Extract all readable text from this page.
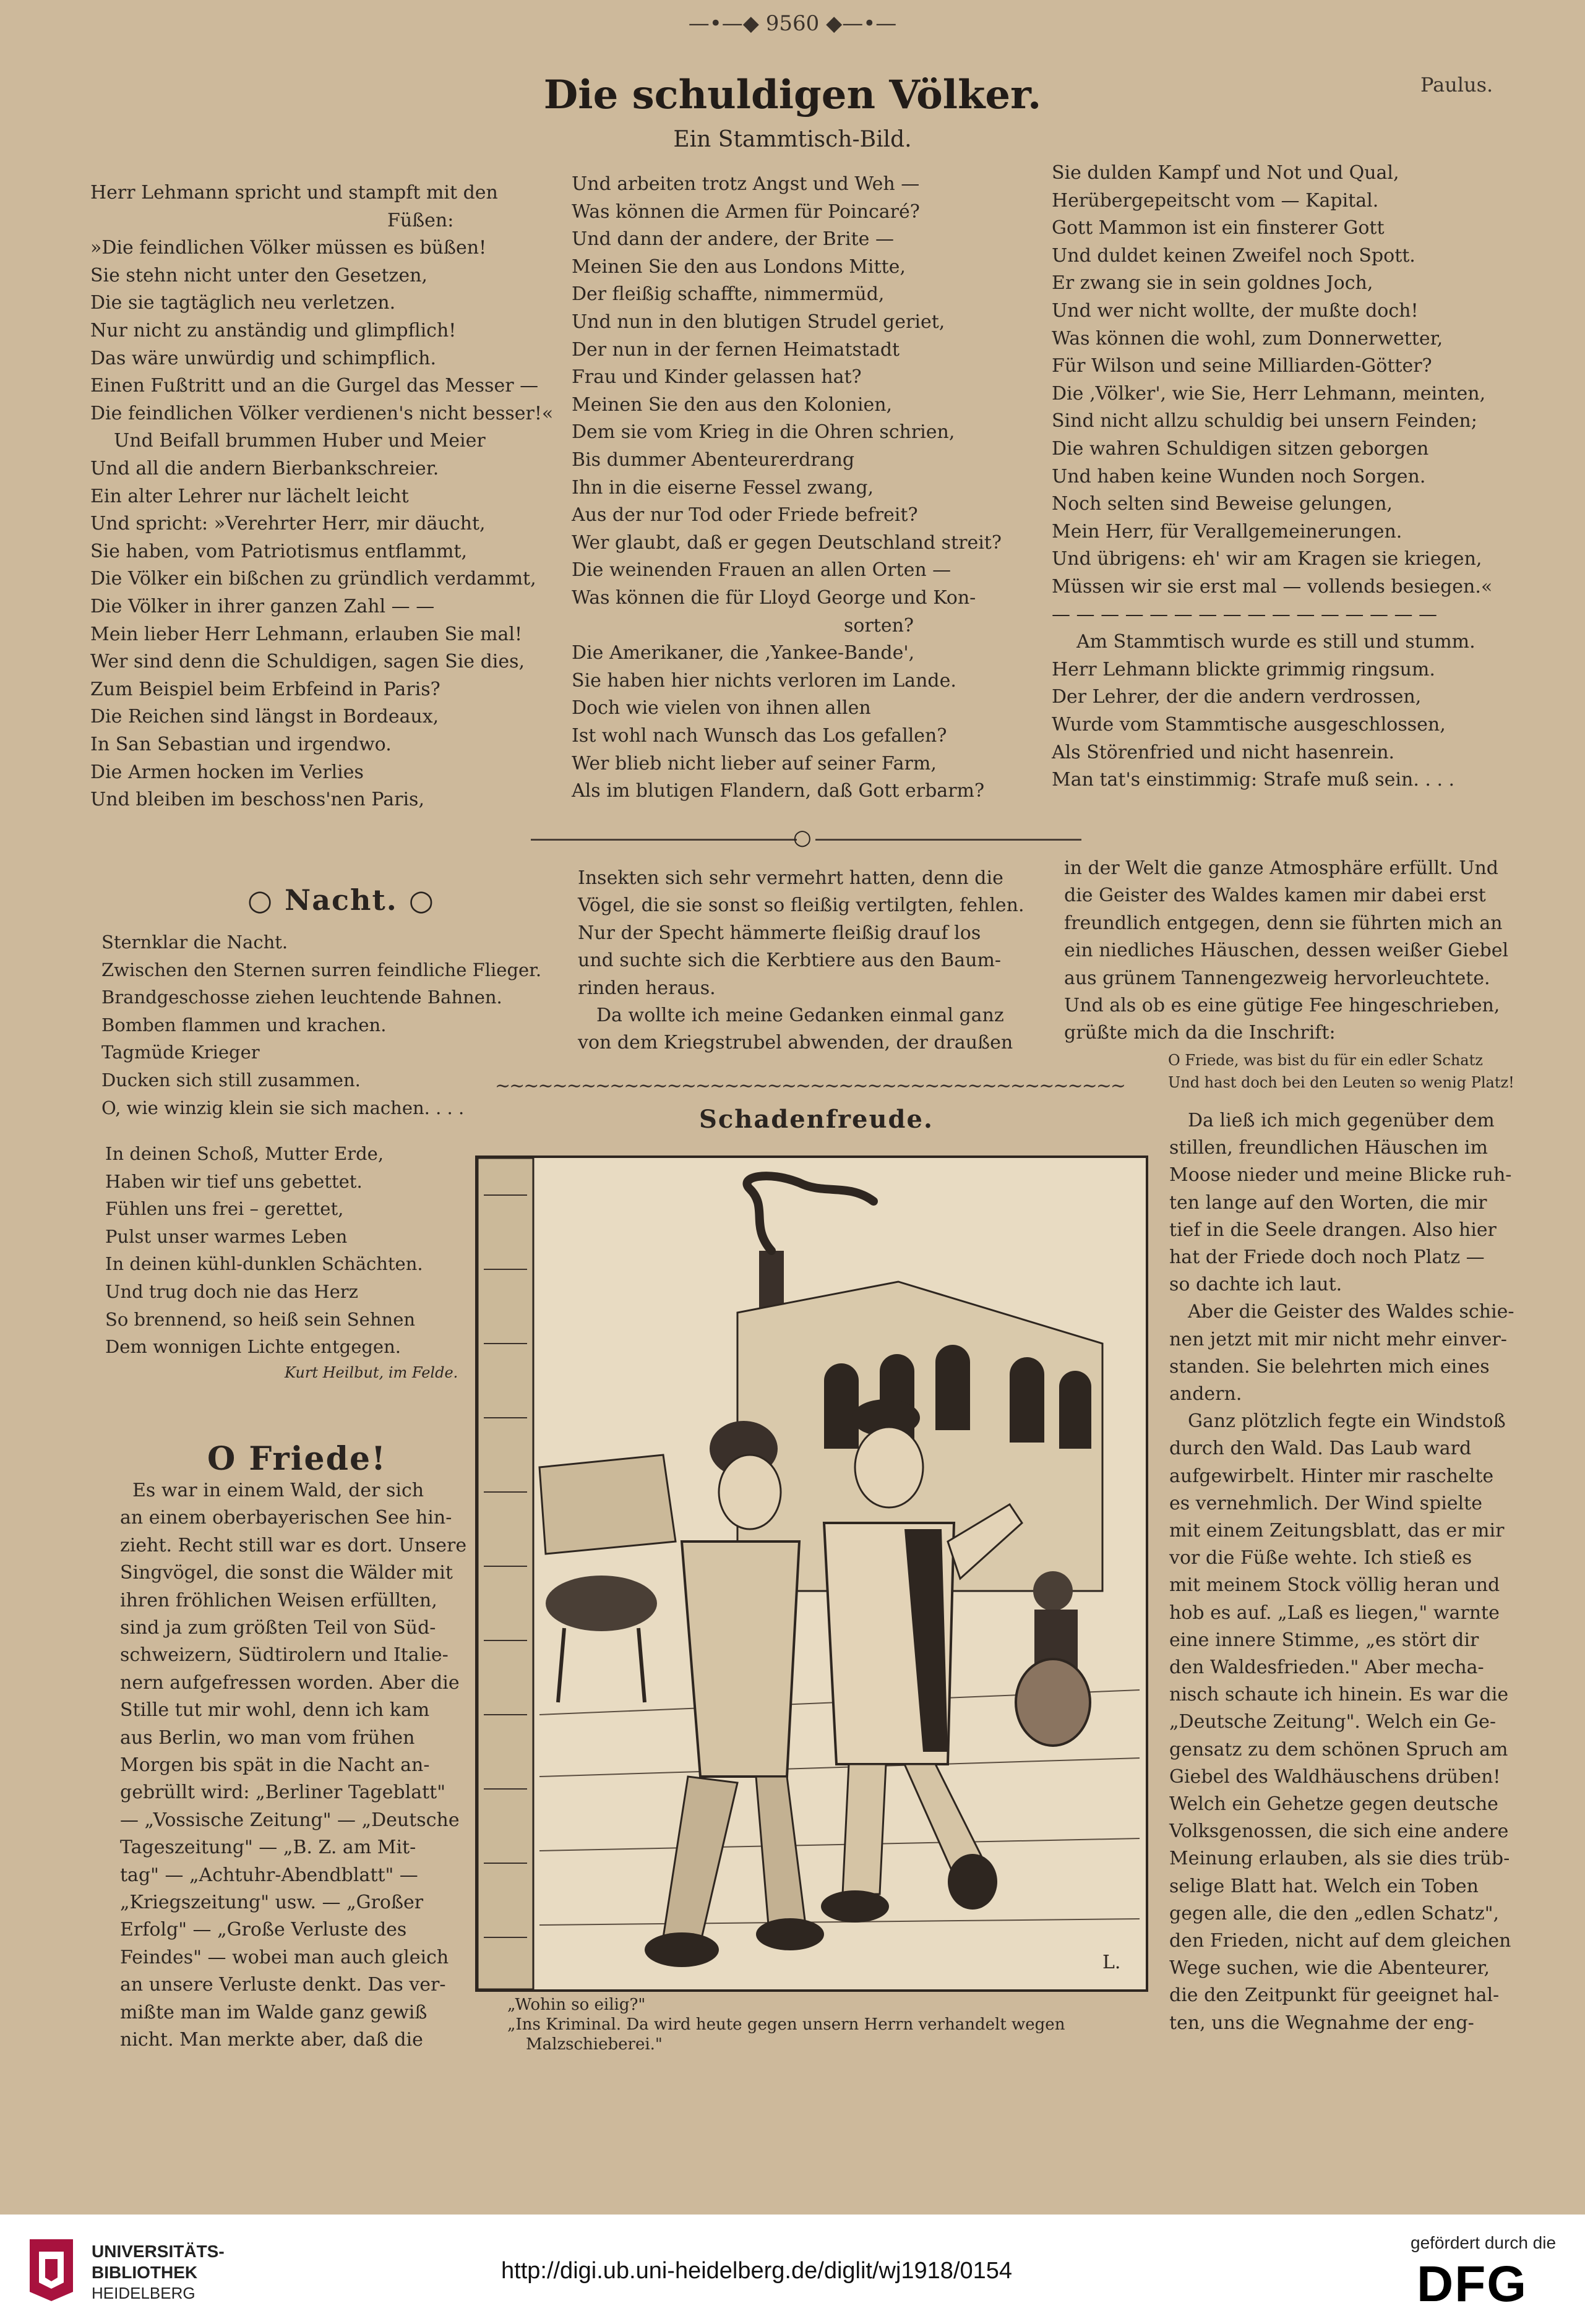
—•—◆ 9560 ◆—•—
Die schuldigen Völker.
Ein Stammtisch-Bild.
Paulus.
Herr Lehmann spricht und stampft mit den
Füßen:
»Die feindlichen Völker müssen es büßen!
Sie stehn nicht unter den Gesetzen,
Die sie tagtäglich neu verletzen.
Nur nicht zu anständig und glimpflich!
Das wäre unwürdig und schimpflich.
Einen Fußtritt und an die Gurgel das Messer —
Die feindlichen Völker verdienen's nicht besser!«
Und Beifall brummen Huber und Meier
Und all die andern Bierbankschreier.
Ein alter Lehrer nur lächelt leicht
Und spricht: »Verehrter Herr, mir däucht,
Sie haben, vom Patriotismus entflammt,
Die Völker ein bißchen zu gründlich verdammt,
Die Völker in ihrer ganzen Zahl — —
Mein lieber Herr Lehmann, erlauben Sie mal!
Wer sind denn die Schuldigen, sagen Sie dies,
Zum Beispiel beim Erbfeind in Paris?
Die Reichen sind längst in Bordeaux,
In San Sebastian und irgendwo.
Die Armen hocken im Verlies
Und bleiben im beschoss'nen Paris,
Und arbeiten trotz Angst und Weh —
Was können die Armen für Poincaré?
Und dann der andere, der Brite —
Meinen Sie den aus Londons Mitte,
Der fleißig schaffte, nimmermüd,
Und nun in den blutigen Strudel geriet,
Der nun in der fernen Heimatstadt
Frau und Kinder gelassen hat?
Meinen Sie den aus den Kolonien,
Dem sie vom Krieg in die Ohren schrien,
Bis dummer Abenteurerdrang
Ihn in die eiserne Fessel zwang,
Aus der nur Tod oder Friede befreit?
Wer glaubt, daß er gegen Deutschland streit?
Die weinenden Frauen an allen Orten —
Was können die für Lloyd George und Kon-
sorten?
Die Amerikaner, die ‚Yankee-Bande',
Sie haben hier nichts verloren im Lande.
Doch wie vielen von ihnen allen
Ist wohl nach Wunsch das Los gefallen?
Wer blieb nicht lieber auf seiner Farm,
Als im blutigen Flandern, daß Gott erbarm?
Sie dulden Kampf und Not und Qual,
Herübergepeitscht vom — Kapital.
Gott Mammon ist ein finsterer Gott
Und duldet keinen Zweifel noch Spott.
Er zwang sie in sein goldnes Joch,
Und wer nicht wollte, der mußte doch!
Was können die wohl, zum Donnerwetter,
Für Wilson und seine Milliarden-Götter?
Die ‚Völker', wie Sie, Herr Lehmann, meinten,
Sind nicht allzu schuldig bei unsern Feinden;
Die wahren Schuldigen sitzen geborgen
Und haben keine Wunden noch Sorgen.
Noch selten sind Beweise gelungen,
Mein Herr, für Verallgemeinerungen.
Und übrigens: eh' wir am Kragen sie kriegen,
Müssen wir sie erst mal — vollends besiegen.«
— — — — — — — — — — — — — — — —
Am Stammtisch wurde es still und stumm.
Herr Lehmann blickte grimmig ringsum.
Der Lehrer, der die andern verdrossen,
Wurde vom Stammtische ausgeschlossen,
Als Störenfried und nicht hasenrein.
Man tat's einstimmig: Strafe muß sein. . . .
○
○ Nacht. ○
Sternklar die Nacht.
Zwischen den Sternen surren feindliche Flieger.
Brandgeschosse ziehen leuchtende Bahnen.
Bomben flammen und krachen.
Tagmüde Krieger
Ducken sich still zusammen.
O, wie winzig klein sie sich machen. . . .
In deinen Schoß, Mutter Erde,
Haben wir tief uns gebettet.
Fühlen uns frei – gerettet,
Pulst unser warmes Leben
In deinen kühl-dunklen Schächten.
Und trug doch nie das Herz
So brennend, so heiß sein Sehnen
Dem wonnigen Lichte entgegen.
Kurt Heilbut, im Felde.
O Friede!
Es war in einem Wald, der sich
an einem oberbayerischen See hin-
zieht. Recht still war es dort. Unsere
Singvögel, die sonst die Wälder mit
ihren fröhlichen Weisen erfüllten,
sind ja zum größten Teil von Süd-
schweizern, Südtirolern und Italie-
nern aufgefressen worden. Aber die
Stille tut mir wohl, denn ich kam
aus Berlin, wo man vom frühen
Morgen bis spät in die Nacht an-
gebrüllt wird: „Berliner Tageblatt"
— „Vossische Zeitung" — „Deutsche
Tageszeitung" — „B. Z. am Mit-
tag" — „Achtuhr-Abendblatt" —
„Kriegszeitung" usw. — „Großer
Erfolg" — „Große Verluste des
Feindes" — wobei man auch gleich
an unsere Verluste denkt. Das ver-
mißte man im Walde ganz gewiß
nicht. Man merkte aber, daß die
Insekten sich sehr vermehrt hatten, denn die
Vögel, die sie sonst so fleißig vertilgten, fehlen.
Nur der Specht hämmerte fleißig drauf los
und suchte sich die Kerbtiere aus den Baum-
rinden heraus.
Da wollte ich meine Gedanken einmal ganz
von dem Kriegstrubel abwenden, der draußen
in der Welt die ganze Atmosphäre erfüllt. Und
die Geister des Waldes kamen mir dabei erst
freundlich entgegen, denn sie führten mich an
ein niedliches Häuschen, dessen weißer Giebel
aus grünem Tannengezweig hervorleuchtete.
Und als ob es eine gütige Fee hingeschrieben,
grüßte mich da die Inschrift:
O Friede, was bist du für ein edler Schatz
Und hast doch bei den Leuten so wenig Platz!
Da ließ ich mich gegenüber dem
stillen, freundlichen Häuschen im
Moose nieder und meine Blicke ruh-
ten lange auf den Worten, die mir
tief in die Seele drangen. Also hier
hat der Friede doch noch Platz —
so dachte ich laut.
Aber die Geister des Waldes schie-
nen jetzt mit mir nicht mehr einver-
standen. Sie belehrten mich eines
andern.
Ganz plötzlich fegte ein Windstoß
durch den Wald. Das Laub ward
aufgewirbelt. Hinter mir raschelte
es vernehmlich. Der Wind spielte
mit einem Zeitungsblatt, das er mir
vor die Füße wehte. Ich stieß es
mit meinem Stock völlig heran und
hob es auf. „Laß es liegen," warnte
eine innere Stimme, „es stört dir
den Waldesfrieden." Aber mecha-
nisch schaute ich hinein. Es war die
„Deutsche Zeitung". Welch ein Ge-
gensatz zu dem schönen Spruch am
Giebel des Waldhäuschens drüben!
Welch ein Gehetze gegen deutsche
Volksgenossen, die sich eine andere
Meinung erlauben, als sie dies trüb-
selige Blatt hat. Welch ein Toben
gegen alle, die den „edlen Schatz",
den Frieden, nicht auf dem gleichen
Wege suchen, wie die Abenteurer,
die den Zeitpunkt für geeignet hal-
ten, uns die Wegnahme der eng-
∼∼∼∼∼∼∼∼∼∼∼∼∼∼∼∼∼∼∼∼∼∼∼∼∼∼∼∼∼∼∼∼∼∼∼∼∼∼∼∼∼∼∼∼
Schadenfreude.
L.
„Wohin so eilig?"
„Ins Kriminal. Da wird heute gegen unsern Herrn verhandelt wegen
Malzschieberei."
UNIVERSITÄTS-
BIBLIOTHEK
HEIDELBERG
http://digi.ub.uni-heidelberg.de/diglit/wj1918/0154
gefördert durch die
DFG
